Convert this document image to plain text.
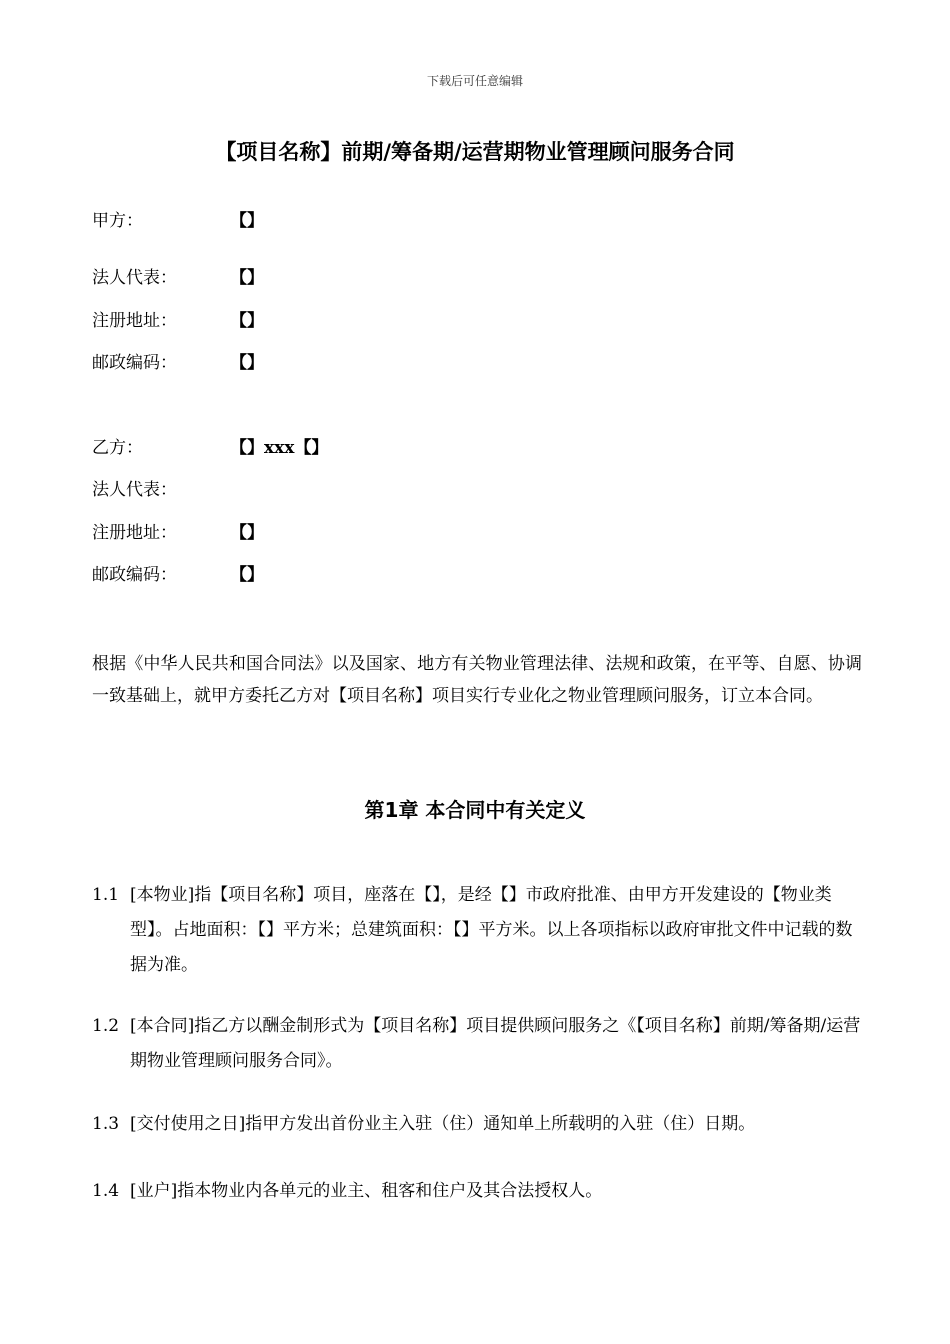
下载后可任意编辑
【项目名称】前期/筹备期/运营期物业管理顾问服务合同
甲方：	【】
法人代表：	【】
注册地址：	【】
邮政编码：	【】
乙方：	【】xxx【】
法人代表：
注册地址：	【】
邮政编码：	【】
根据《中华人民共和国合同法》以及国家、地方有关物业管理法律、法规和政策，在平等、自愿、协调一致基础上，就甲方委托乙方对【项目名称】项目实行专业化之物业管理顾问服务，订立本合同。
第1章 本合同中有关定义
1.1 [本物业]指【项目名称】项目，座落在【】，是经【】市政府批准、由甲方开发建设的【物业类型】。占地面积：【】平方米；总建筑面积：【】平方米。以上各项指标以政府审批文件中记载的数据为准。
1.2 [本合同]指乙方以酬金制形式为【项目名称】项目提供顾问服务之《【项目名称】前期/筹备期/运营期物业管理顾问服务合同》。
1.3 [交付使用之日]指甲方发出首份业主入驻（住）通知单上所载明的入驻（住）日期。
1.4 [业户]指本物业内各单元的业主、租客和住户及其合法授权人。
